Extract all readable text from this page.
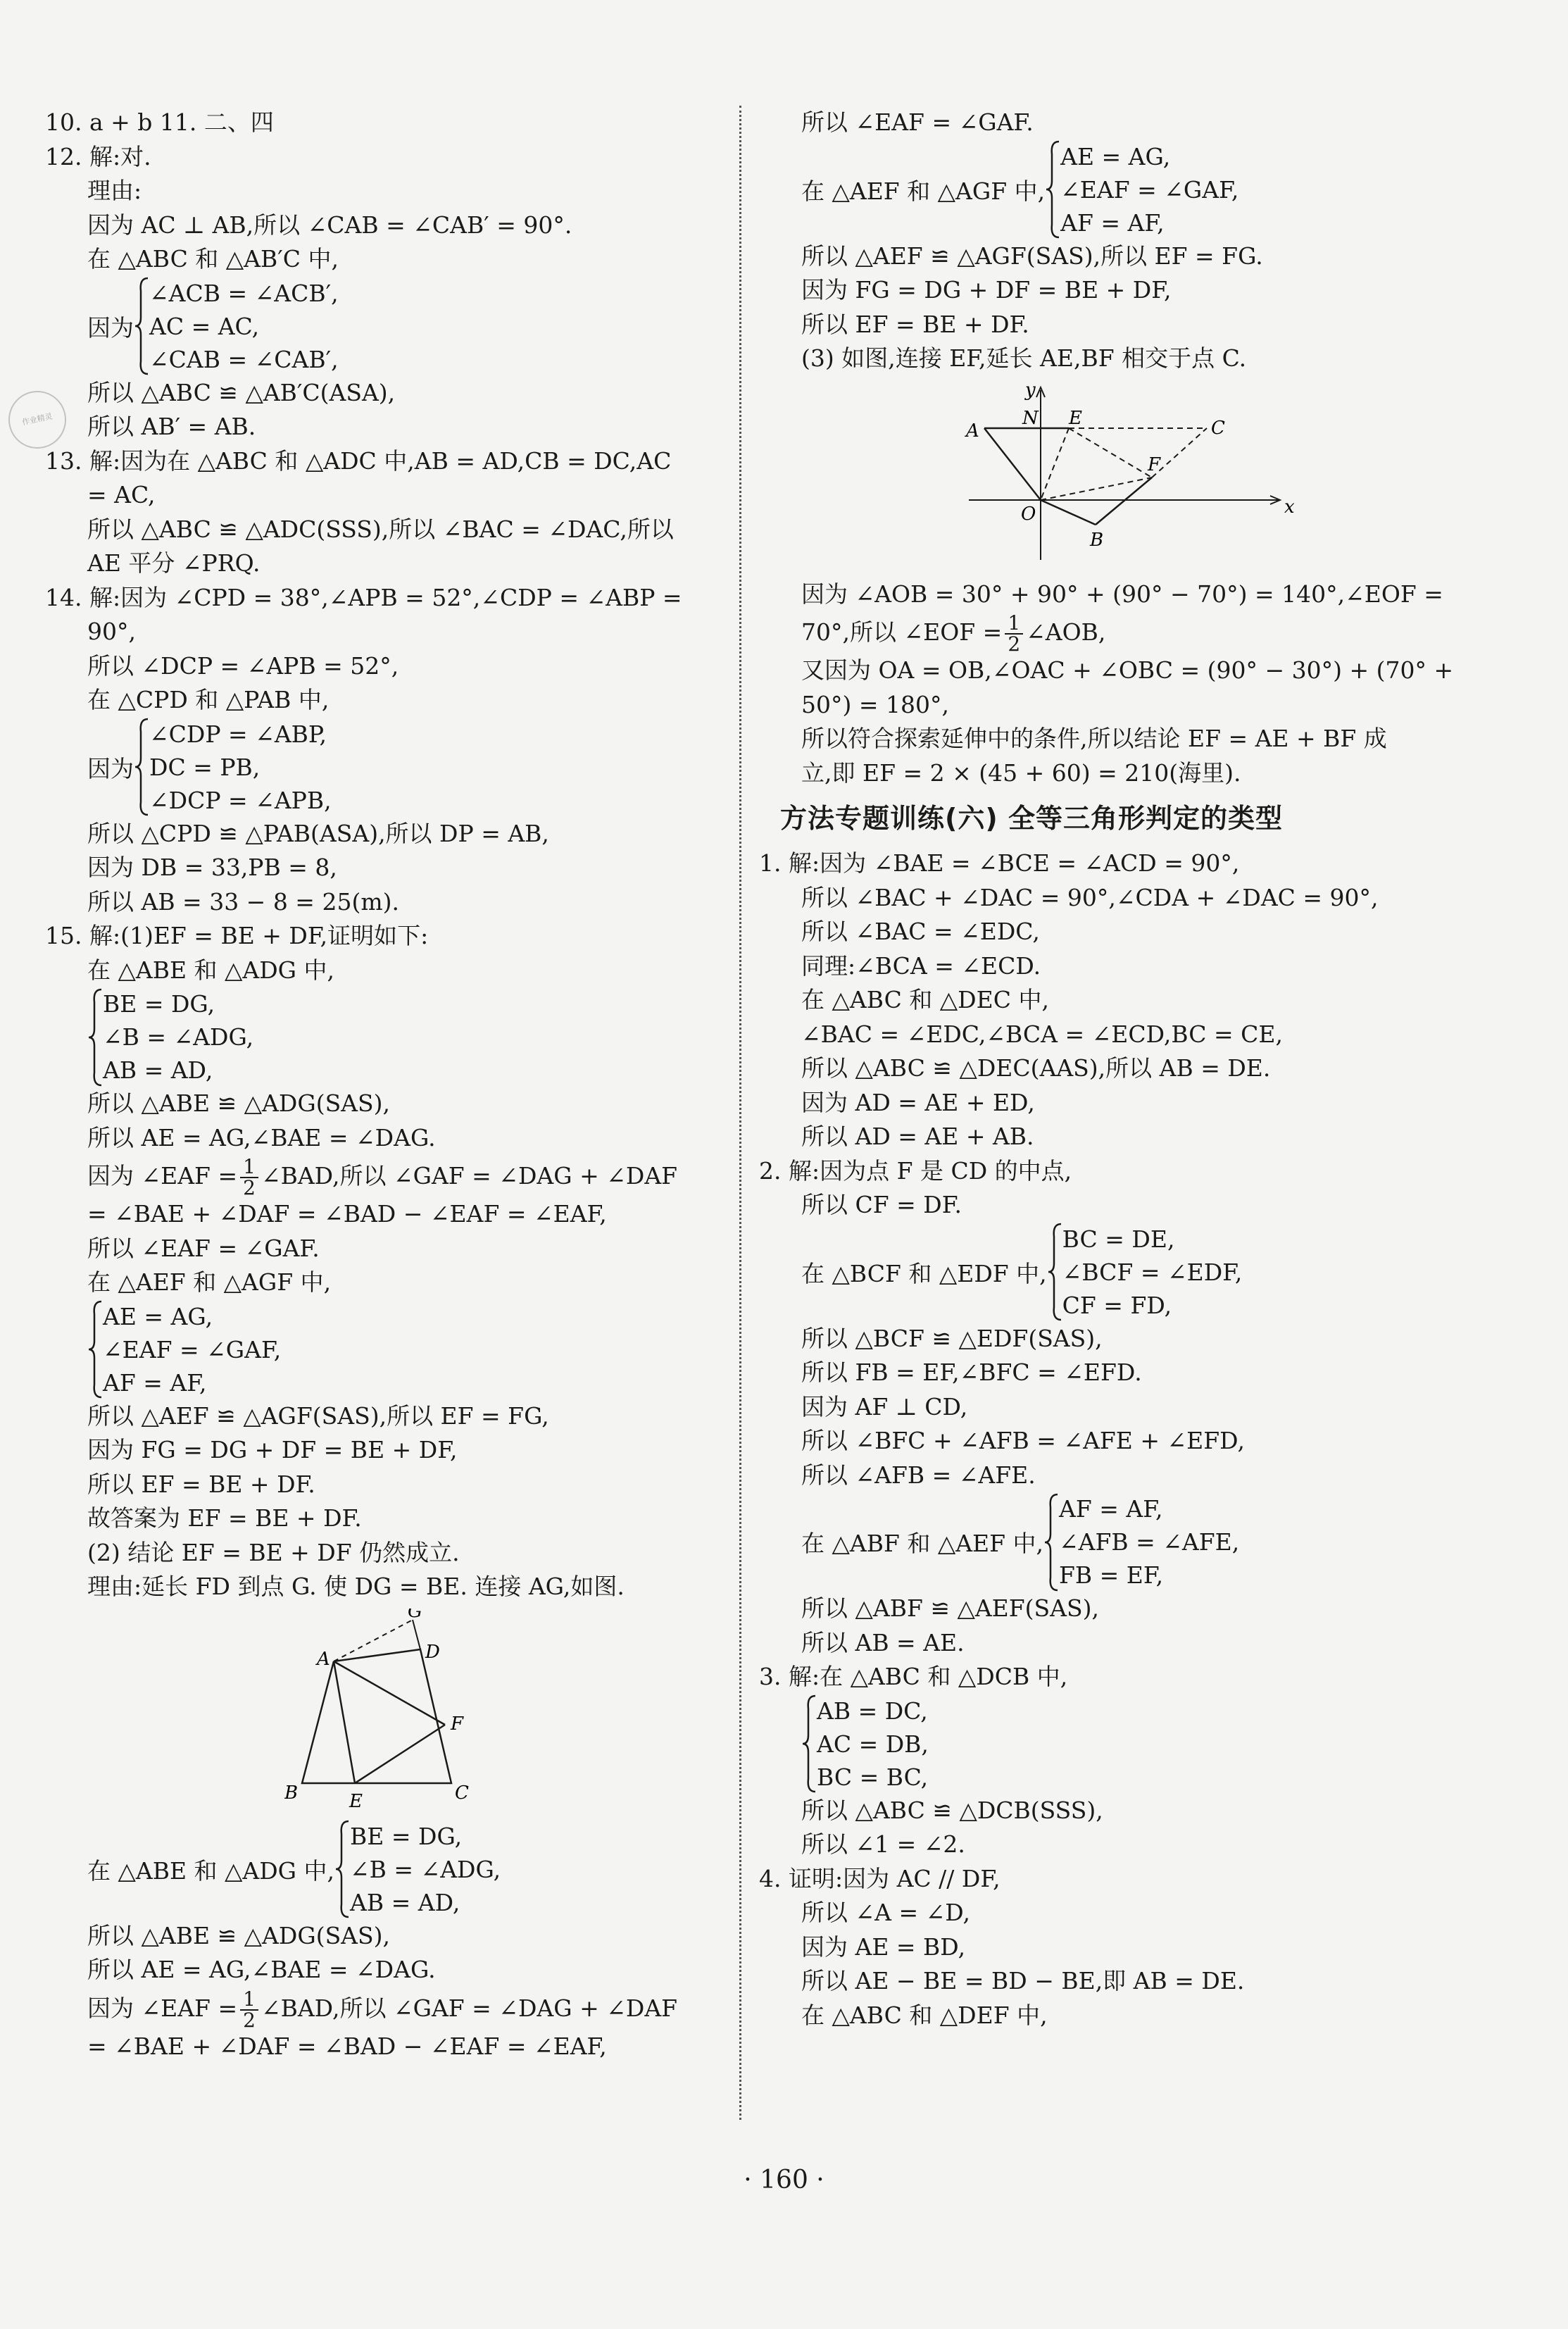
作业精灵
10. a + b 11. 二、四
12. 解:对.
理由:
因为 AC ⊥ AB,所以 ∠CAB = ∠CAB′ = 90°.
在 △ABC 和 △AB′C 中,
因为
∠ACB = ∠ACB′,
AC = AC,
∠CAB = ∠CAB′,
所以 △ABC ≌ △AB′C(ASA),
所以 AB′ = AB.
13. 解:因为在 △ABC 和 △ADC 中,AB = AD,CB = DC,AC
= AC,
所以 △ABC ≌ △ADC(SSS),所以 ∠BAC = ∠DAC,所以
AE 平分 ∠PRQ.
14. 解:因为 ∠CPD = 38°,∠APB = 52°,∠CDP = ∠ABP =
90°,
所以 ∠DCP = ∠APB = 52°,
在 △CPD 和 △PAB 中,
因为
∠CDP = ∠ABP,
DC = PB,
∠DCP = ∠APB,
所以 △CPD ≌ △PAB(ASA),所以 DP = AB,
因为 DB = 33,PB = 8,
所以 AB = 33 − 8 = 25(m).
15. 解:(1)EF = BE + DF,证明如下:
在 △ABE 和 △ADG 中,
BE = DG,
∠B = ∠ADG,
AB = AD,
所以 △ABE ≌ △ADG(SAS),
所以 AE = AG,∠BAE = ∠DAG.
因为 ∠EAF = $\frac{1}{2}$ ∠BAD,所以 ∠GAF = ∠DAG + ∠DAF
= ∠BAE + ∠DAF = ∠BAD − ∠EAF = ∠EAF,
所以 ∠EAF = ∠GAF.
在 △AEF 和 △AGF 中,
AE = AG,
∠EAF = ∠GAF,
AF = AF,
所以 △AEF ≌ △AGF(SAS),所以 EF = FG,
因为 FG = DG + DF = BE + DF,
所以 EF = BE + DF.
故答案为 EF = BE + DF.
(2) 结论 EF = BE + DF 仍然成立.
理由:延长 FD 到点 G. 使 DG = BE. 连接 AG,如图.
A
B	C
D
E
F
G
在 △ABE 和 △ADG 中,
BE = DG,
∠B = ∠ADG,
AB = AD,
所以 △ABE ≌ △ADG(SAS),
所以 AE = AG,∠BAE = ∠DAG.
因为 ∠EAF = $\frac{1}{2}$ ∠BAD,所以 ∠GAF = ∠DAG + ∠DAF
= ∠BAE + ∠DAF = ∠BAD − ∠EAF = ∠EAF,
所以 ∠EAF = ∠GAF.
在 △AEF 和 △AGF 中,
AE = AG,
∠EAF = ∠GAF,
AF = AF,
所以 △AEF ≌ △AGF(SAS),所以 EF = FG.
因为 FG = DG + DF = BE + DF,
所以 EF = BE + DF.
(3) 如图,连接 EF,延长 AE,BF 相交于点 C.
y
x
A
N E	C
F
O
B
因为 ∠AOB = 30° + 90° + (90° − 70°) = 140°,∠EOF =
70°,所以 ∠EOF = $\frac{1}{2}$ ∠AOB,
又因为 OA = OB,∠OAC + ∠OBC = (90° − 30°) + (70° +
50°) = 180°,
所以符合探索延伸中的条件,所以结论 EF = AE + BF 成
立,即 EF = 2 × (45 + 60) = 210(海里).
方法专题训练(六) 全等三角形判定的类型
1. 解:因为 ∠BAE = ∠BCE = ∠ACD = 90°,
所以 ∠BAC + ∠DAC = 90°,∠CDA + ∠DAC = 90°,
所以 ∠BAC = ∠EDC,
同理:∠BCA = ∠ECD.
在 △ABC 和 △DEC 中,
∠BAC = ∠EDC,∠BCA = ∠ECD,BC = CE,
所以 △ABC ≌ △DEC(AAS),所以 AB = DE.
因为 AD = AE + ED,
所以 AD = AE + AB.
2. 解:因为点 F 是 CD 的中点,
所以 CF = DF.
在 △BCF 和 △EDF 中,
BC = DE,
∠BCF = ∠EDF,
CF = FD,
所以 △BCF ≌ △EDF(SAS),
所以 FB = EF,∠BFC = ∠EFD.
因为 AF ⊥ CD,
所以 ∠BFC + ∠AFB = ∠AFE + ∠EFD,
所以 ∠AFB = ∠AFE.
在 △ABF 和 △AEF 中,
AF = AF,
∠AFB = ∠AFE,
FB = EF,
所以 △ABF ≌ △AEF(SAS),
所以 AB = AE.
3. 解:在 △ABC 和 △DCB 中,
AB = DC,
AC = DB,
BC = BC,
所以 △ABC ≌ △DCB(SSS),
所以 ∠1 = ∠2.
4. 证明:因为 AC // DF,
所以 ∠A = ∠D,
因为 AE = BD,
所以 AE − BE = BD − BE,即 AB = DE.
在 △ABC 和 △DEF 中,
· 160 ·
